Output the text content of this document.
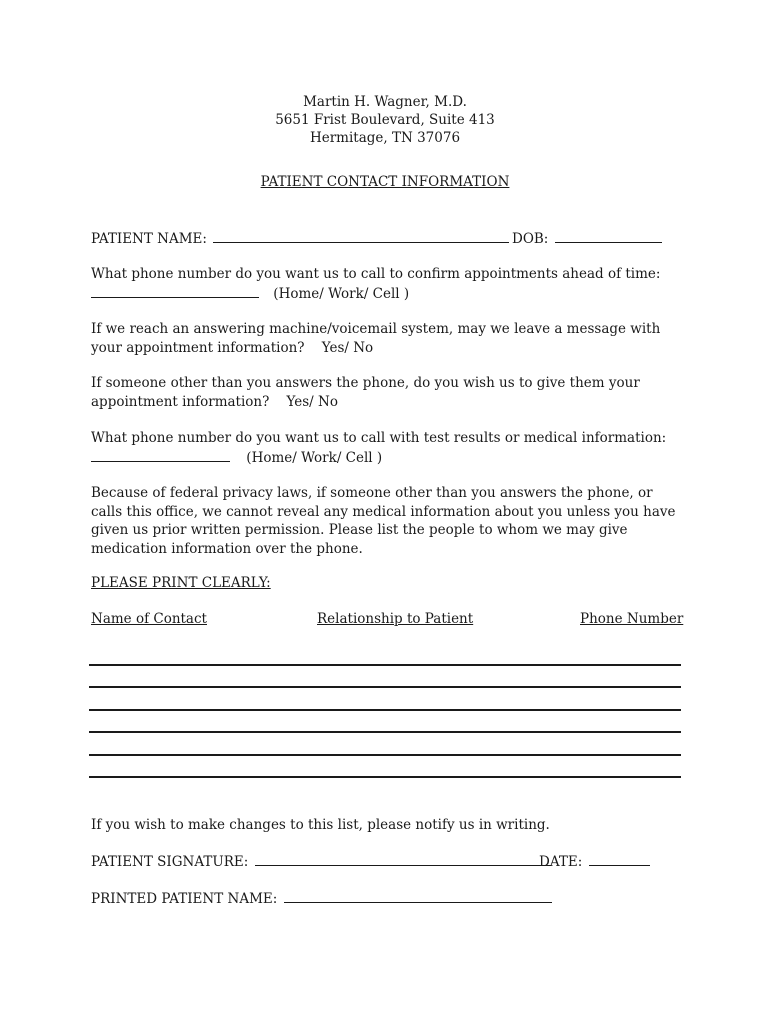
Martin H. Wagner, M.D.
5651 Frist Boulevard, Suite 413
Hermitage, TN 37076
PATIENT CONTACT INFORMATION
PATIENT NAME:	DOB:
What phone number do you want us to call to confirm appointments ahead of time:
(Home/ Work/ Cell )
If we reach an answering machine/voicemail system, may we leave a message with your appointment information? Yes/ No
If someone other than you answers the phone, do you wish us to give them your appointment information? Yes/ No
What phone number do you want us to call with test results or medical information:
(Home/ Work/ Cell )
Because of federal privacy laws, if someone other than you answers the phone, or calls this office, we cannot reveal any medical information about you unless you have given us prior written permission. Please list the people to whom we may give medication information over the phone.
PLEASE PRINT CLEARLY:
Name of Contact	Relationship to Patient	Phone Number
If you wish to make changes to this list, please notify us in writing.
PATIENT SIGNATURE:	DATE:
PRINTED PATIENT NAME:
